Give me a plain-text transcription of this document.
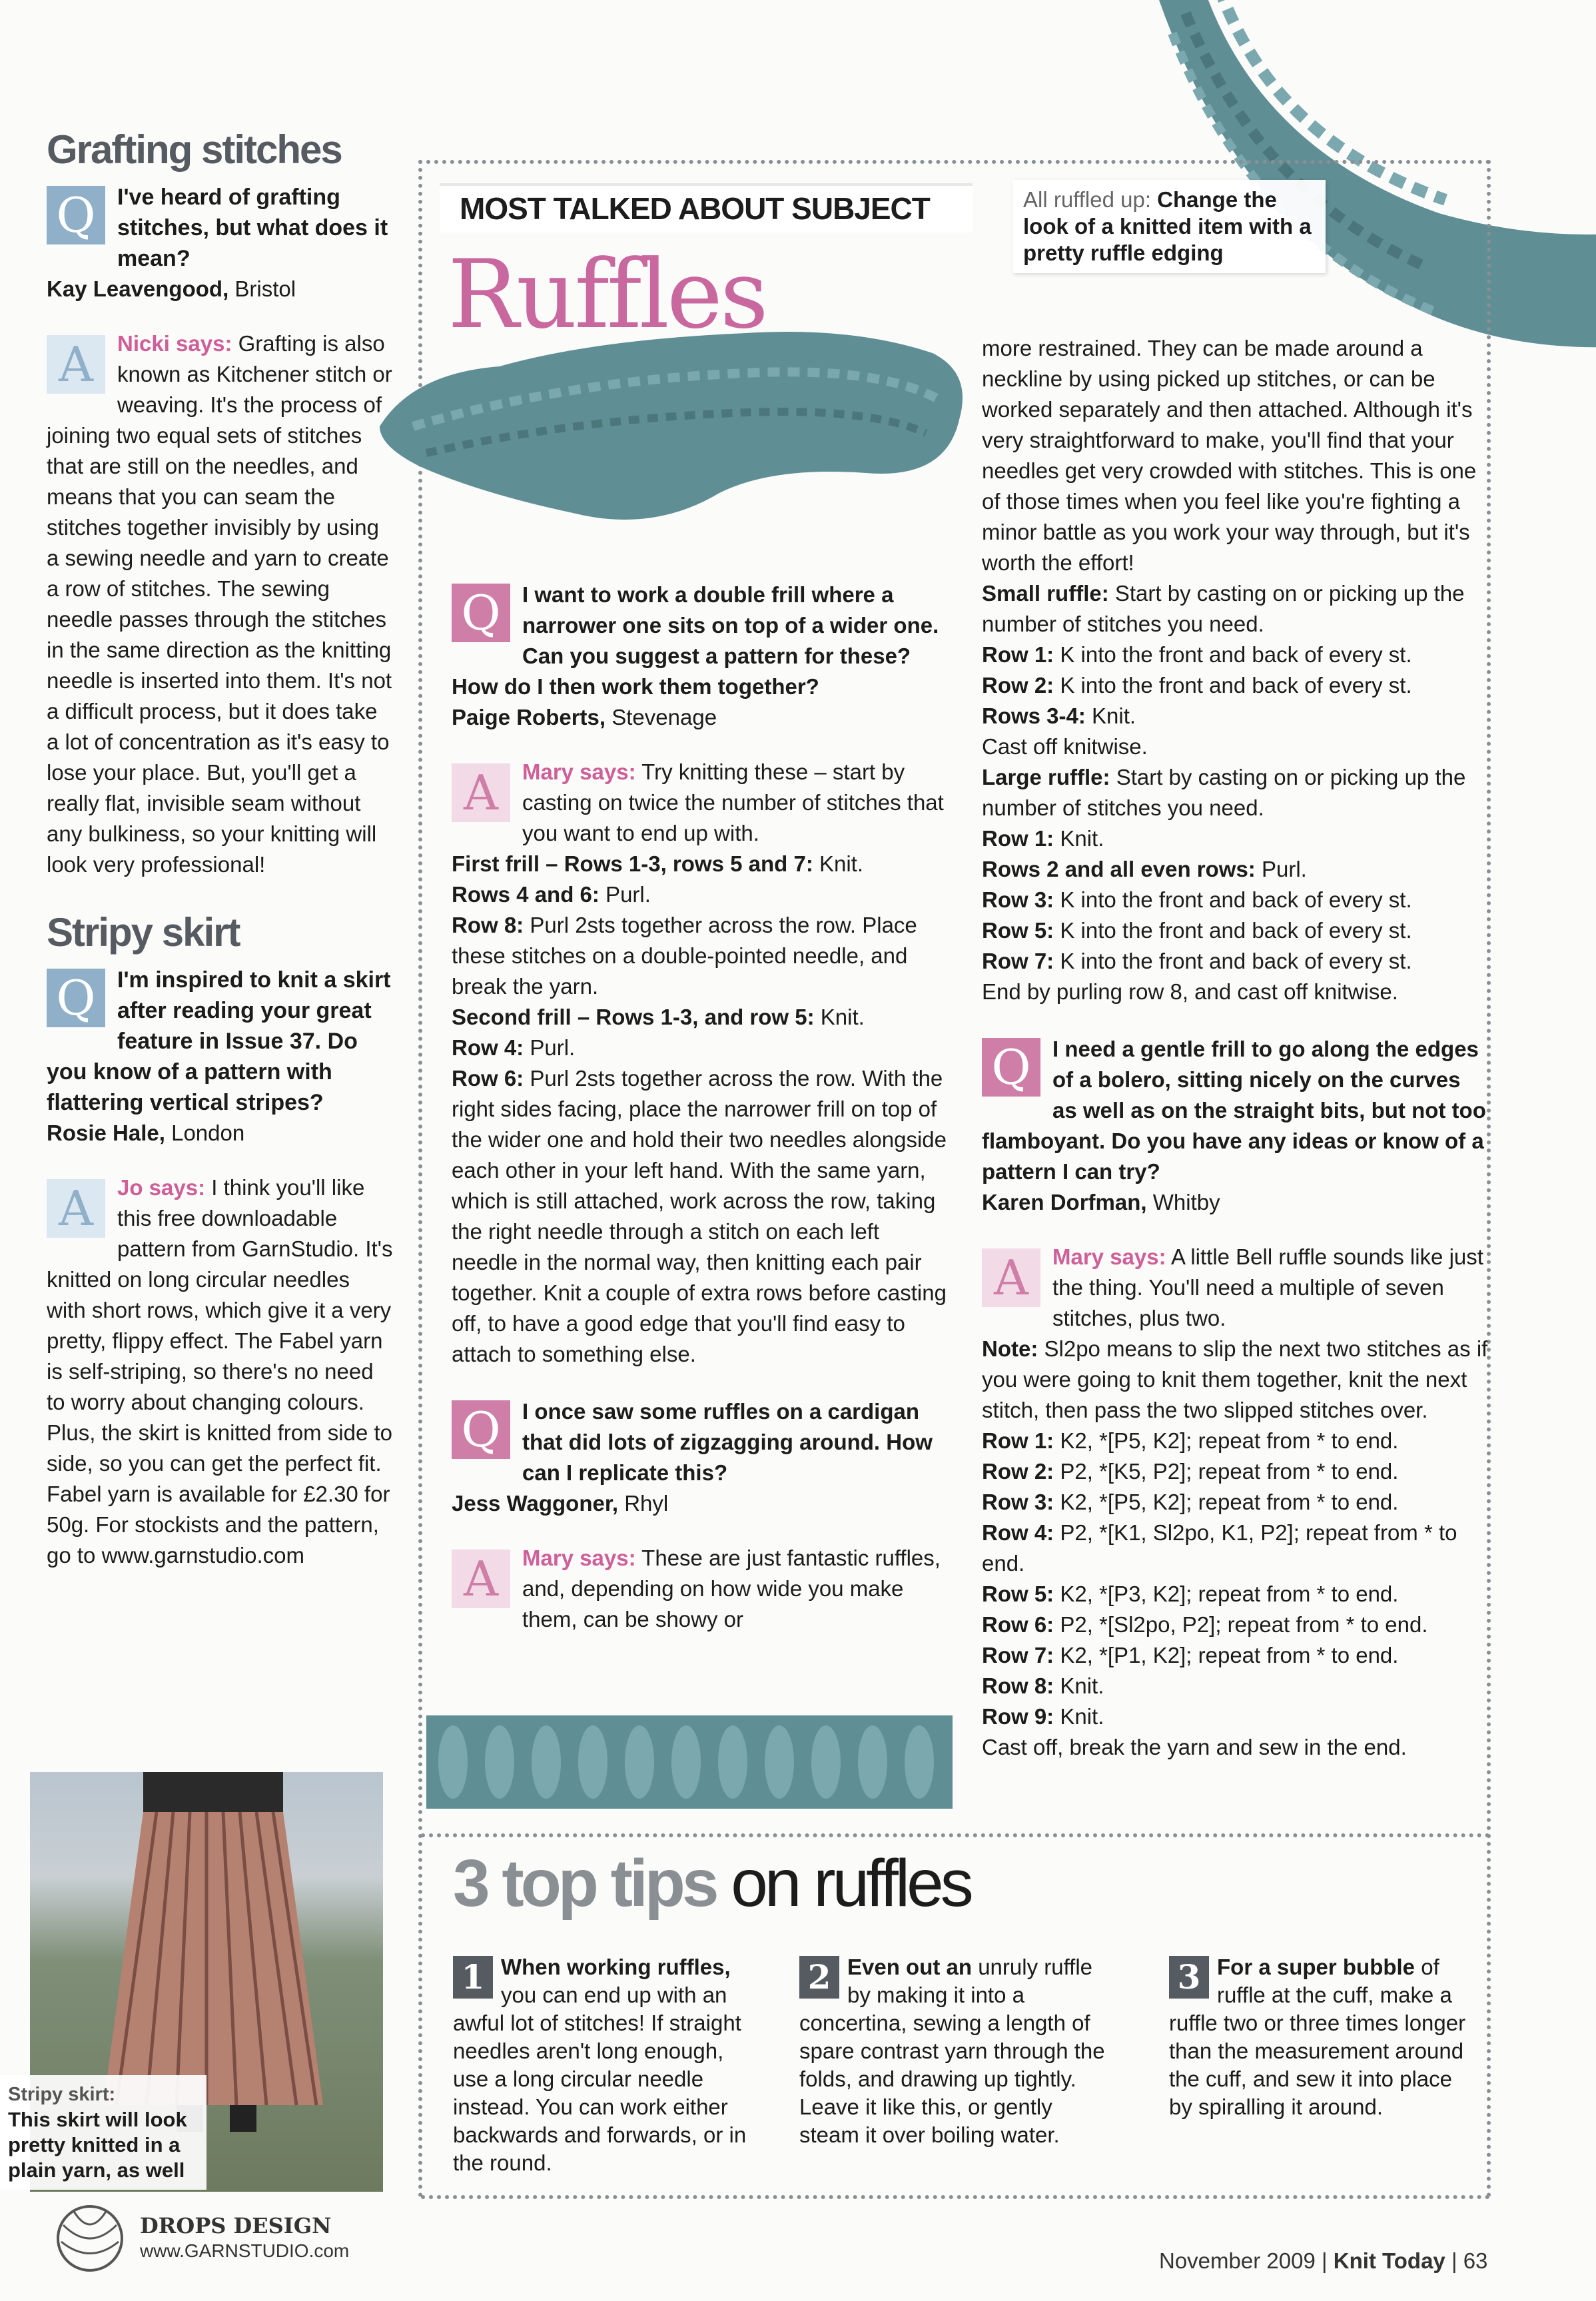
Grafting stitches
Q I've heard of grafting stitches, but what does it mean?
Kay Leavengood, Bristol
A	Nicki says: Grafting is also known as Kitchener stitch or weaving. It's the process of joining two equal sets of stitches that are still on the needles, and means that you can seam the stitches together invisibly by using a sewing needle and yarn to create a row of stitches. The sewing needle passes through the stitches in the same direction as the knitting needle is inserted into them. It's not a difficult process, but it does take a lot of concentration as it's easy to lose your place. But, you'll get a really flat, invisible seam without any bulkiness, so your knitting will look very professional!
Stripy skirt
Q I'm inspired to knit a skirt after reading your great feature in Issue 37. Do you know of a pattern with flattering vertical stripes?
Rosie Hale, London
A	Jo says: I think you'll like this free downloadable pattern from GarnStudio. It's knitted on long circular needles with short rows, which give it a very pretty, flippy effect. The Fabel yarn is self-striping, so there's no need to worry about changing colours. Plus, the skirt is knitted from side to side, so you can get the perfect fit. Fabel yarn is available for £2.30 for 50g. For stockists and the pattern, go to www.garnstudio.com
Stripy skirt:
This skirt will look pretty knitted in a plain yarn, as well
DROPS DESIGN
www.GARNSTUDIO.com
MOST TALKED ABOUT SUBJECT
Ruffles
All ruffled up: Change the look of a knitted item with a pretty ruffle edging
Q I want to work a double frill where a narrower one sits on top of a wider one. Can you suggest a pattern for these? How do I then work them together?
Paige Roberts, Stevenage
A	Mary says: Try knitting these – start by casting on twice the number of stitches that you want to end up with.
First frill – Rows 1-3, rows 5 and 7: Knit.
Rows 4 and 6: Purl.
Row 8: Purl 2sts together across the row. Place these stitches on a double-pointed needle, and break the yarn.
Second frill – Rows 1-3, and row 5: Knit.
Row 4: Purl.
Row 6: Purl 2sts together across the row. With the right sides facing, place the narrower frill on top of the wider one and hold their two needles alongside each other in your left hand. With the same yarn, which is still attached, work across the row, taking the right needle through a stitch on each left needle in the normal way, then knitting each pair together. Knit a couple of extra rows before casting off, to have a good edge that you'll find easy to attach to something else.
Q I once saw some ruffles on a cardigan that did lots of zigzagging around. How can I replicate this?
Jess Waggoner, Rhyl
A	Mary says: These are just fantastic ruffles, and, depending on how wide you make them, can be showy or
more restrained. They can be made around a neckline by using picked up stitches, or can be worked separately and then attached. Although it's very straightforward to make, you'll find that your needles get very crowded with stitches. This is one of those times when you feel like you're fighting a minor battle as you work your way through, but it's worth the effort!
Small ruffle: Start by casting on or picking up the number of stitches you need.
Row 1: K into the front and back of every st.
Row 2: K into the front and back of every st.
Rows 3-4: Knit.
Cast off knitwise.
Large ruffle: Start by casting on or picking up the number of stitches you need.
Row 1: Knit.
Rows 2 and all even rows: Purl.
Row 3: K into the front and back of every st.
Row 5: K into the front and back of every st.
Row 7: K into the front and back of every st.
End by purling row 8, and cast off knitwise.
Q I need a gentle frill to go along the edges of a bolero, sitting nicely on the curves as well as on the straight bits, but not too flamboyant. Do you have any ideas or know of a pattern I can try?
Karen Dorfman, Whitby
A	Mary says: A little Bell ruffle sounds like just the thing. You'll need a multiple of seven stitches, plus two.
Note: Sl2po means to slip the next two stitches as if you were going to knit them together, knit the next stitch, then pass the two slipped stitches over.
Row 1: K2, *[P5, K2]; repeat from * to end.
Row 2: P2, *[K5, P2]; repeat from * to end.
Row 3: K2, *[P5, K2]; repeat from * to end.
Row 4: P2, *[K1, Sl2po, K1, P2]; repeat from * to end.
Row 5: K2, *[P3, K2]; repeat from * to end.
Row 6: P2, *[Sl2po, P2]; repeat from * to end.
Row 7: K2, *[P1, K2]; repeat from * to end.
Row 8: Knit.
Row 9: Knit.
Cast off, break the yarn and sew in the end.
3 top tips on ruffles
1 When working ruffles, you can end up with an awful lot of stitches! If straight needles aren't long enough, use a long circular needle instead. You can work either backwards and forwards, or in the round.
2 Even out an unruly ruffle by making it into a concertina, sewing a length of spare contrast yarn through the folds, and drawing up tightly. Leave it like this, or gently steam it over boiling water.
3 For a super bubble of ruffle at the cuff, make a ruffle two or three times longer than the measurement around the cuff, and sew it into place by spiralling it around.
November 2009 | Knit Today | 63
